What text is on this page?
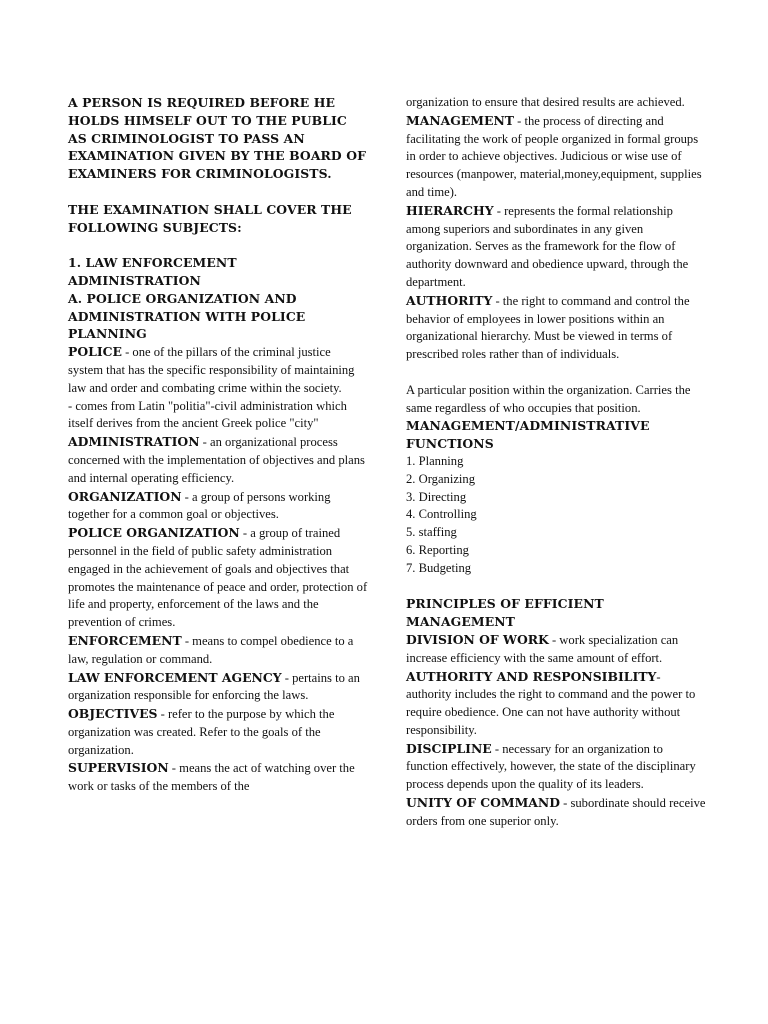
A PERSON IS REQUIRED BEFORE HE HOLDS HIMSELF OUT TO THE PUBLIC AS CRIMINOLOGIST TO PASS AN EXAMINATION GIVEN BY THE BOARD OF EXAMINERS FOR CRIMINOLOGISTS.
THE EXAMINATION SHALL COVER THE FOLLOWING SUBJECTS:
1. LAW ENFORCEMENT ADMINISTRATION
A. POLICE ORGANIZATION AND ADMINISTRATION WITH POLICE PLANNING

POLICE - one of the pillars of the criminal justice system that has the specific responsibility of maintaining law and order and combating crime within the society.

- comes from Latin "politia"-civil administration which itself derives from the ancient Greek police "city"

ADMINISTRATION - an organizational process concerned with the implementation of objectives and plans and internal operating efficiency.

ORGANIZATION - a group of persons working together for a common goal or objectives.

POLICE ORGANIZATION - a group of trained personnel in the field of public safety administration engaged in the achievement of goals and objectives that promotes the maintenance of peace and order, protection of life and property, enforcement of the laws and the prevention of crimes.

ENFORCEMENT - means to compel obedience to a law, regulation or command.

LAW ENFORCEMENT AGENCY - pertains to an organization responsible for enforcing the laws.

OBJECTIVES - refer to the purpose by which the organization was created. Refer to the goals of the organization.

SUPERVISION - means the act of watching over the work or tasks of the members of the

organization to ensure that desired results are achieved.

MANAGEMENT - the process of directing and facilitating the work of people organized in formal groups in order to achieve objectives. Judicious or wise use of resources (manpower, material,money,equipment, supplies and time).

HIERARCHY - represents the formal relationship among superiors and subordinates in any given organization. Serves as the framework for the flow of authority downward and obedience upward, through the department.

AUTHORITY - the right to command and control the behavior of employees in lower positions within an organizational hierarchy. Must be viewed in terms of prescribed roles rather than of individuals.

A particular position within the organization. Carries the same regardless of who occupies that position.

MANAGEMENT/ADMINISTRATIVE FUNCTIONS
1. Planning
2. Organizing
3. Directing
4. Controlling
5. staffing
6. Reporting
7. Budgeting
PRINCIPLES OF EFFICIENT MANAGEMENT

DIVISION OF WORK - work specialization can increase efficiency with the same amount of effort. AUTHORITY AND RESPONSIBILITY- authority includes the right to command and the power to require obedience. One can not have authority without responsibility.

DISCIPLINE - necessary for an organization to function effectively, however, the state of the disciplinary process depends upon the quality of its leaders.

UNITY OF COMMAND - subordinate should receive orders from one superior only.
